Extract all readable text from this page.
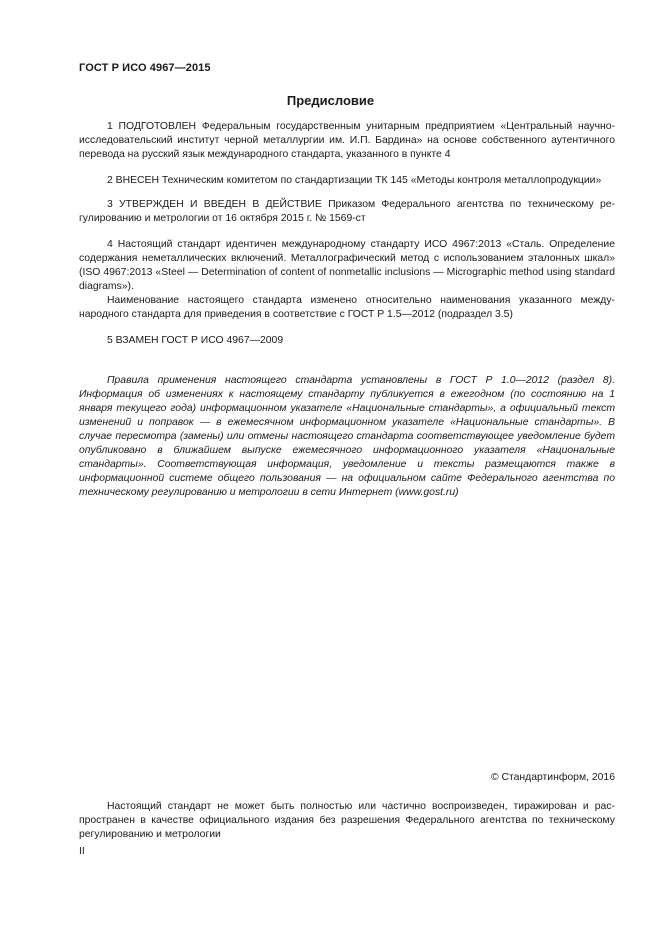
ГОСТ Р ИСО 4967—2015
Предисловие

1 ПОДГОТОВЛЕН Федеральным государственным унитарным предприятием «Центральный научно-исследовательский институт черной металлургии им. И.П. Бардина» на основе собственного аутентичного перевода на русский язык международного стандарта, указанного в пункте 4

2 ВНЕСЕН Техническим комитетом по стандартизации ТК 145 «Методы контроля металлопродукции»

3 УТВЕРЖДЕН И ВВЕДЕН В ДЕЙСТВИЕ Приказом Федерального агентства по техническому регулированию и метрологии от 16 октября 2015 г. № 1569-ст

4 Настоящий стандарт идентичен международному стандарту ИСО 4967:2013 «Сталь. Определение содержания неметаллических включений. Металлографический метод с использованием эталонных шкал» (ISO 4967:2013 «Steel — Determination of content of nonmetallic inclusions — Micrographic method using standard diagrams»).

Наименование настоящего стандарта изменено относительно наименования указанного международного стандарта для приведения в соответствие с ГОСТ Р 1.5—2012 (подраздел 3.5)

5 ВЗАМЕН ГОСТ Р ИСО 4967—2009

Правила применения настоящего стандарта установлены в ГОСТ Р 1.0—2012 (раздел 8). Информация об изменениях к настоящему стандарту публикуется в ежегодном (по состоянию на 1 января текущего года) информационном указателе «Национальные стандарты», а официальный текст изменений и поправок — в ежемесячном информационном указателе «Национальные стандарты». В случае пересмотра (замены) или отмены настоящего стандарта соответствующее уведомление будет опубликовано в ближайшем выпуске ежемесячного информационного указателя «Национальные стандарты». Соответствующая информация, уведомление и тексты размещаются также в информационной системе общего пользования — на официальном сайте Федерального агентства по техническому регулированию и метрологии в сети Интернет (www.gost.ru)

© Стандартинформ, 2016

Настоящий стандарт не может быть полностью или частично воспроизведен, тиражирован и распространен в качестве официального издания без разрешения Федерального агентства по техническому регулированию и метрологии

II
